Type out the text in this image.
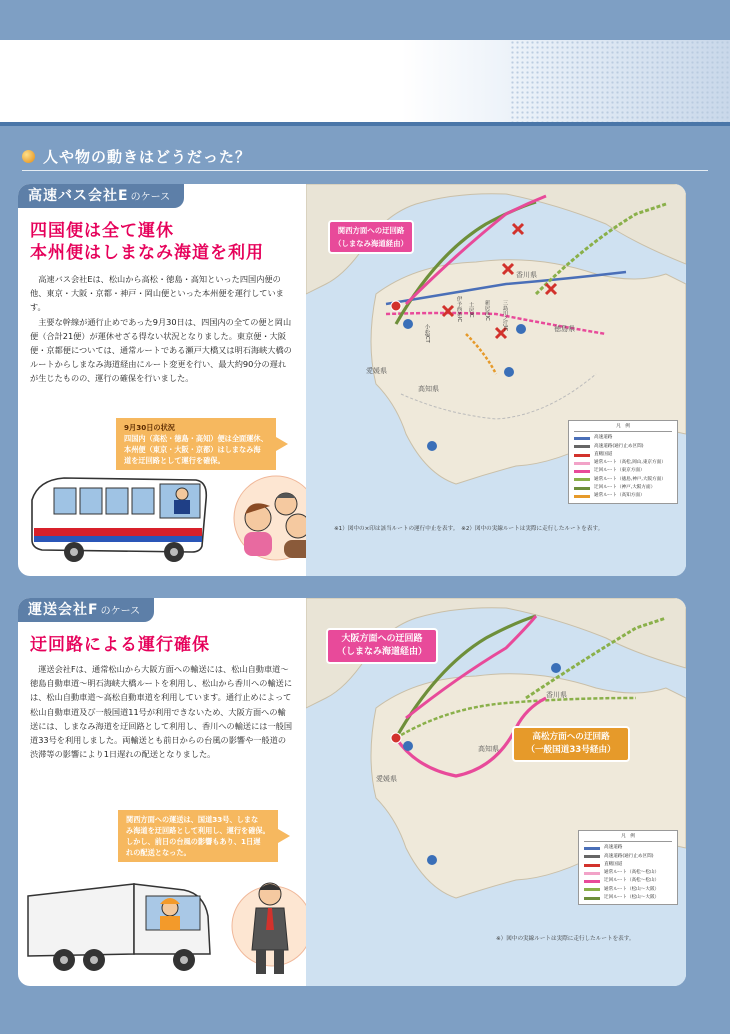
人や物の動きはどうだった？
高速バス会社E のケース
四国便は全て運休
本州便はしまなみ海道を利用

高速バス会社Eは、松山から高松・徳島・高知といった四国内便の他、東京・大阪・京都・神戸・岡山便といった本州便を運行しています。

主要な幹線が通行止めであった9月30日は、四国内の全ての便と岡山便（合計21便）が運休せざる得ない状況となりました。東京便・大阪便・京都便については、通常ルートである瀬戸大橋又は明石海峡大橋のルートからしまなみ海道経由にルート変更を行い、最大約90分の遅れが生じたものの、運行の確保を行いました。

9月30日の状況
四国内（高松・徳島・高知）便は全面運休、
本州便（東京・大阪・京都）はしまなみ海
道を迂回路として運行を確保。
関西方面への迂回路
（しまなみ海道経由）
香川県
徳島県
愛媛県
高知県
伊予西条IC	三島川之江IC
新居浜IC
土居IC
小松JCT
凡　例
高速道路
高速道路(通行止め区間)
直轄国道
通常ルート（高松,岡山,東京方面）
迂回ルート（東京方面）
通常ルート（徳島,神戸,大阪方面）
迂回ルート（神戸,大阪方面）
通常ルート（高知方面）
※1）図中の×印は該当ルートの運行中止を表す。　※2）図中の実線ルートは実際に走行したルートを表す。
運送会社F のケース
迂回路による運行確保

運送会社Fは、通常松山から大阪方面への輸送には、松山自動車道～徳島自動車道～明石海峡大橋ルートを利用し、松山から香川への輸送には、松山自動車道～高松自動車道を利用しています。通行止めによって松山自動車道及び一般国道11号が利用できないため、大阪方面への輸送には、しまなみ海道を迂回路として利用し、香川への輸送には一般国道33号を利用しました。両輸送とも前日からの台風の影響や一般道の渋滞等の影響により1日遅れの配送となりました。

関西方面への運送は、国道33号、しまな
み海道を迂回路として利用し、運行を確保。
しかし、前日の台風の影響もあり、1日遅
れの配送となった。
大阪方面への迂回路
（しまなみ海道経由）
高松方面への迂回路
（一般国道33号経由）
香川県
高知県
愛媛県
凡　例
高速道路
高速道路(通行止め区間)
直轄国道
通常ルート（高松～松山）
迂回ルート（高松～松山）
通常ルート（松山～大阪）
迂回ルート（松山～大阪）
※）図中の実線ルートは実際に走行したルートを表す。
